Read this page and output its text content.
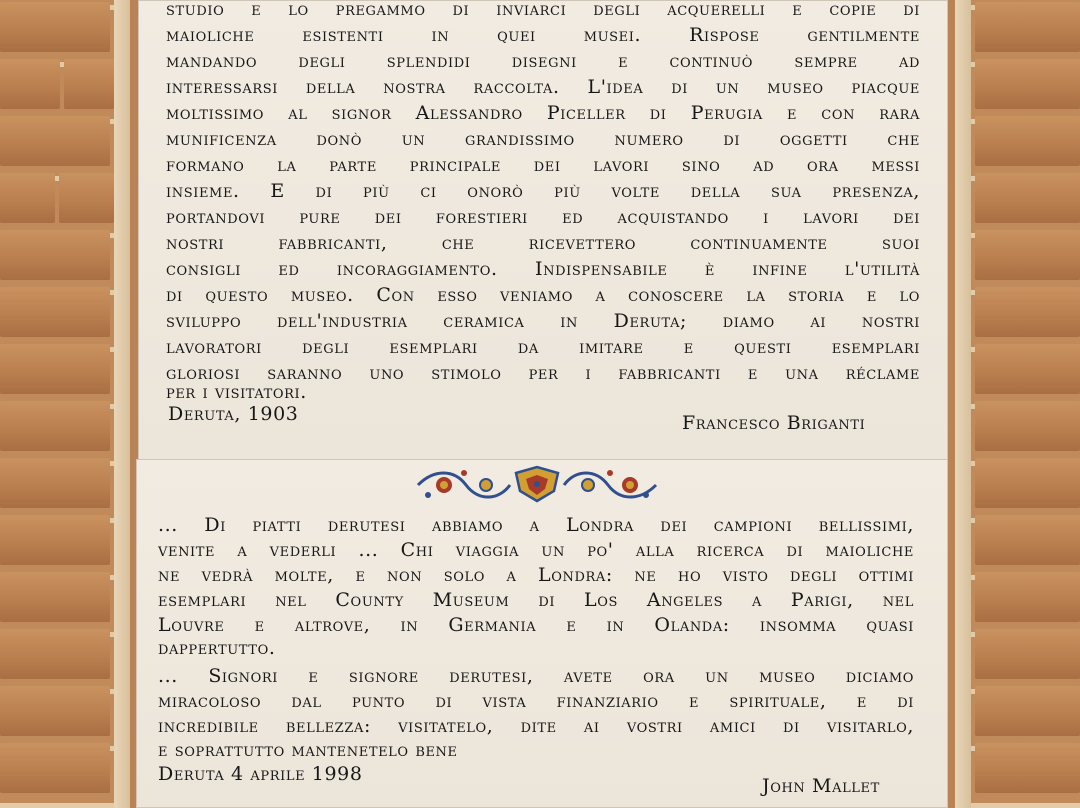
studio e lo pregammo di inviarci degli acquerelli e copie di
maioliche esistenti in quei musei. Rispose gentilmente
mandando degli splendidi disegni e continuò sempre ad
interessarsi della nostra raccolta. L'idea di un museo piacque
moltissimo al signor Alessandro Piceller di Perugia e con rara
munificenza donò un grandissimo numero di oggetti che
formano la parte principale dei lavori sino ad ora messi
insieme. E di più ci onorò più volte della sua presenza,
portandovi pure dei forestieri ed acquistando i lavori dei
nostri fabbricanti, che ricevettero continuamente suoi
consigli ed incoraggiamento. Indispensabile è infine l'utilità
di questo museo. Con esso veniamo a conoscere la storia e lo
sviluppo dell'industria ceramica in Deruta; diamo ai nostri
lavoratori degli esemplari da imitare e questi esemplari
gloriosi saranno uno stimolo per i fabbricanti e una réclame
per i visitatori.
Deruta, 1903	Francesco Briganti
... Di piatti derutesi abbiamo a Londra dei campioni bellissimi,
venite a vederli ... Chi viaggia un po' alla ricerca di maioliche
ne vedrà molte, e non solo a Londra: ne ho visto degli ottimi
esemplari nel County Museum di Los Angeles a Parigi, nel
Louvre e altrove, in Germania e in Olanda: insomma quasi
dappertutto.
... Signori e signore derutesi, avete ora un museo diciamo
miracoloso dal punto di vista finanziario e spirituale, e di
incredibile bellezza: visitatelo, dite ai vostri amici di visitarlo,
e soprattutto mantenetelo bene
Deruta 4 aprile 1998
John Mallet
